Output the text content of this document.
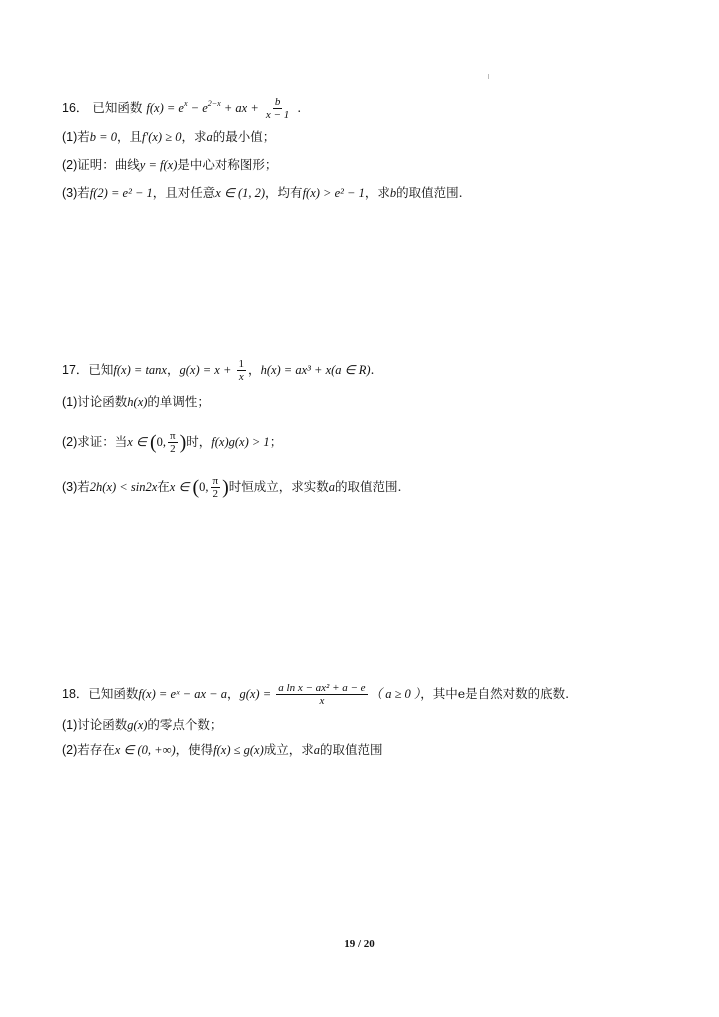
16． 已知函数 $f(x) = e^x - e^{2-x}$ + ax + $\frac{b}{x - 1}$ .
(1)若b = 0，且f′(x) ≥ 0，求a的最小值；
(2)证明：曲线y = f(x)是中心对称图形；
(3)若f(2) = e² − 1，且对任意x ∈ (1, 2)，均有f(x) > e² − 1，求b的取值范围.
17．已知f(x) = tanx，$g(x) = x + \frac{1}{x}$ ，h(x) = ax³ + x(a ∈ R).
(1)讨论函数h(x)的单调性；
(2)求证：当x ∈ (0, $\frac{\pi}{2}$ )时，f(x)g(x) > 1；
(3)若2h(x) < sin2x在x ∈ (0, $\frac{\pi}{2}$ )时恒成立，求实数a的取值范围.
18．已知函数f(x) = eˣ − ax − a，$g(x) = \frac{\text{a ln x − ax² + a − e}}{x}$ （ a ≥ 0 ），其中e是自然对数的底数.
(1)讨论函数g(x)的零点个数；
(2)若存在x ∈ (0, +∞)，使得f(x) ≤ g(x)成立，求a的取值范围
19 / 20
